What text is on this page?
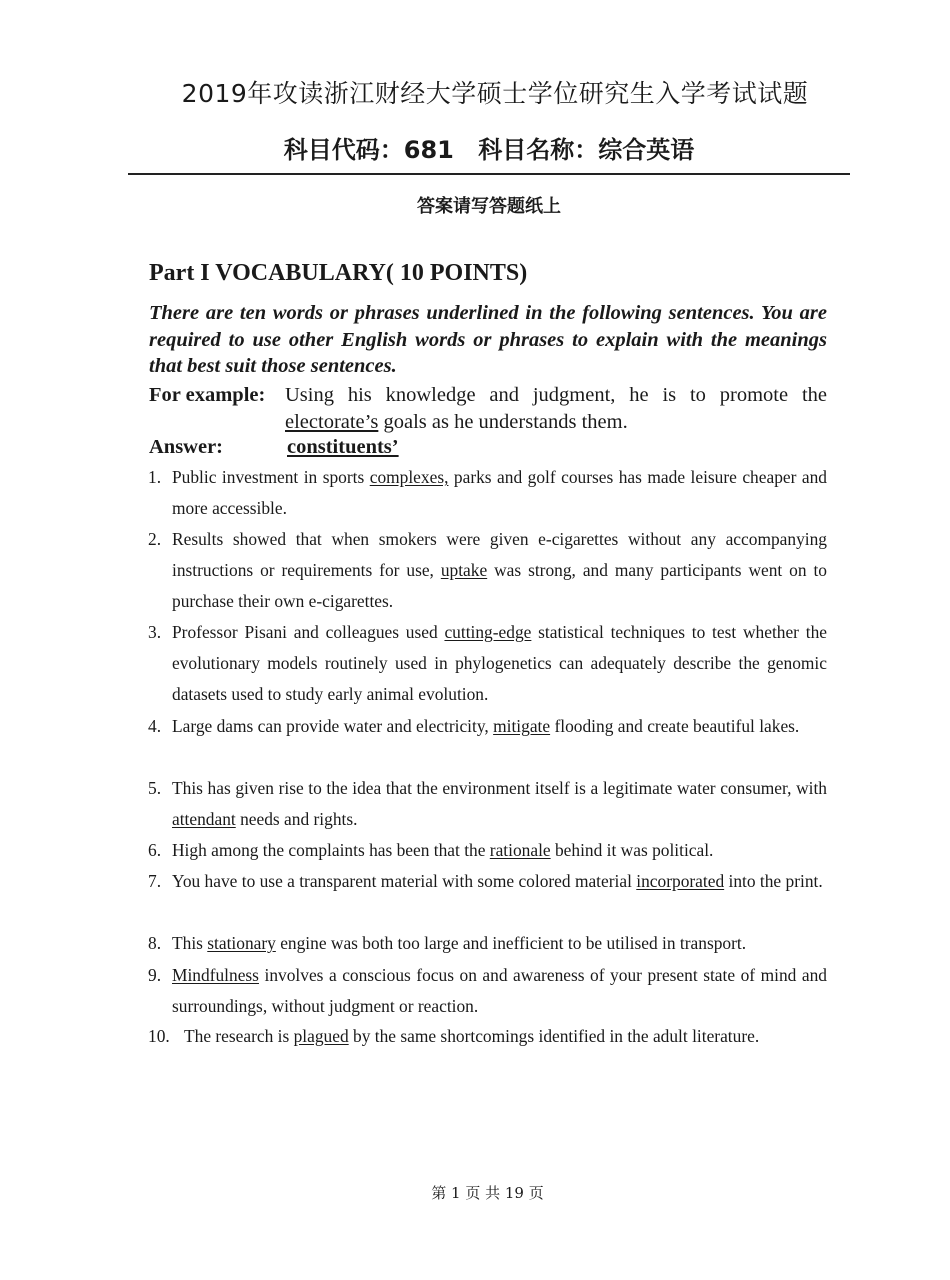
2019年攻读浙江财经大学硕士学位研究生入学考试试题
科目代码：681 科目名称：综合英语
答案请写答题纸上
Part I VOCABULARY( 10 POINTS)
There are ten words or phrases underlined in the following sentences. You are required to use other English words or phrases to explain with the meanings that best suit those sentences.
For example: Using his knowledge and judgment, he is to promote the electorate’s goals as he understands them.
Answer:	constituents’
1. Public investment in sports complexes, parks and golf courses has made leisure cheaper and more accessible.
2. Results showed that when smokers were given e-cigarettes without any accompanying instructions or requirements for use, uptake was strong, and many participants went on to purchase their own e-cigarettes.
3. Professor Pisani and colleagues used cutting-edge statistical techniques to test whether the evolutionary models routinely used in phylogenetics can adequately describe the genomic datasets used to study early animal evolution.
4. Large dams can provide water and electricity, mitigate flooding and create beautiful lakes.
5. This has given rise to the idea that the environment itself is a legitimate water consumer, with attendant needs and rights.
6. High among the complaints has been that the rationale behind it was political.
7. You have to use a transparent material with some colored material incorporated into the print.
8. This stationary engine was both too large and inefficient to be utilised in transport.
9. Mindfulness involves a conscious focus on and awareness of your present state of mind and surroundings, without judgment or reaction.
10. The research is plagued by the same shortcomings identified in the adult literature.
第 1 页 共 19 页
